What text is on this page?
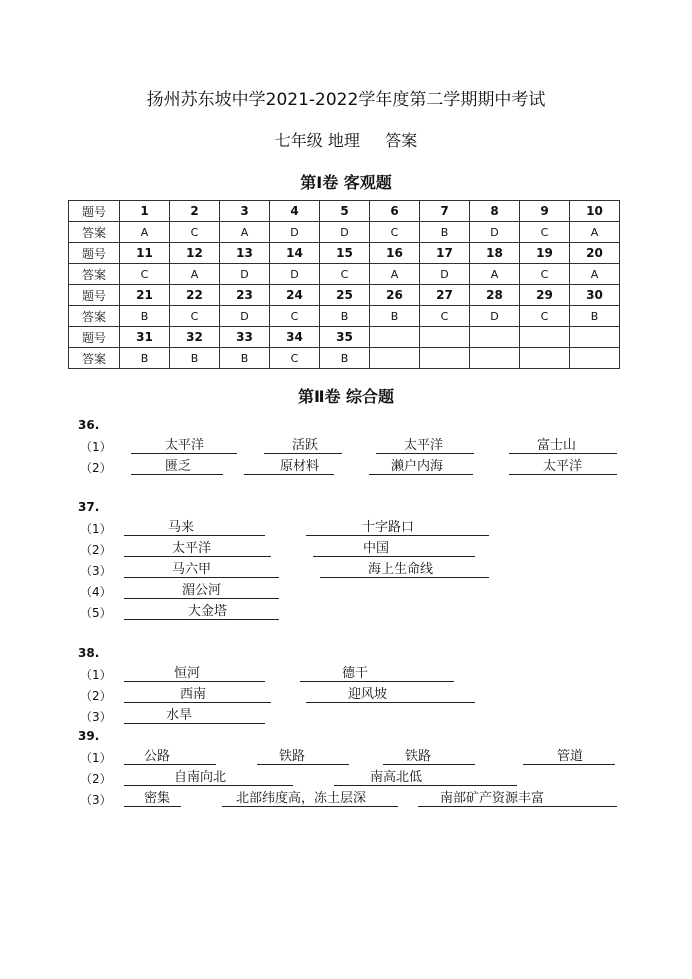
扬州苏东坡中学2021-2022学年度第二学期期中考试
七年级 地理     答案
第Ⅰ卷 客观题
题号	1	2	3	4	5	6	7	8	9	10
答案	A	C	A	D	D	C	B	D	C	A
题号	11	12	13	14	15	16	17	18	19	20
答案	C	A	D	D	C	A	D	A	C	A
题号	21	22	23	24	25	26	27	28	29	30
答案	B	C	D	C	B	B	C	D	C	B
题号	31	32	33	34	35					
答案	B	B	B	C	B					
第Ⅱ卷 综合题
36.
（1）	太平洋	活跃	太平洋	富士山
（2）	匮乏	原材料	濑户内海	太平洋
37.
（1）	马来	十字路口
（2）	太平洋	中国
（3）	马六甲	海上生命线
（4）	湄公河
（5）	大金塔
38.
（1）	恒河	德干
（2）	西南	迎风坡
（3）	水旱
39.
（1）	公路	铁路	铁路	管道
（2）	自南向北	南高北低
（3）	密集	北部纬度高，冻土层深	南部矿产资源丰富
